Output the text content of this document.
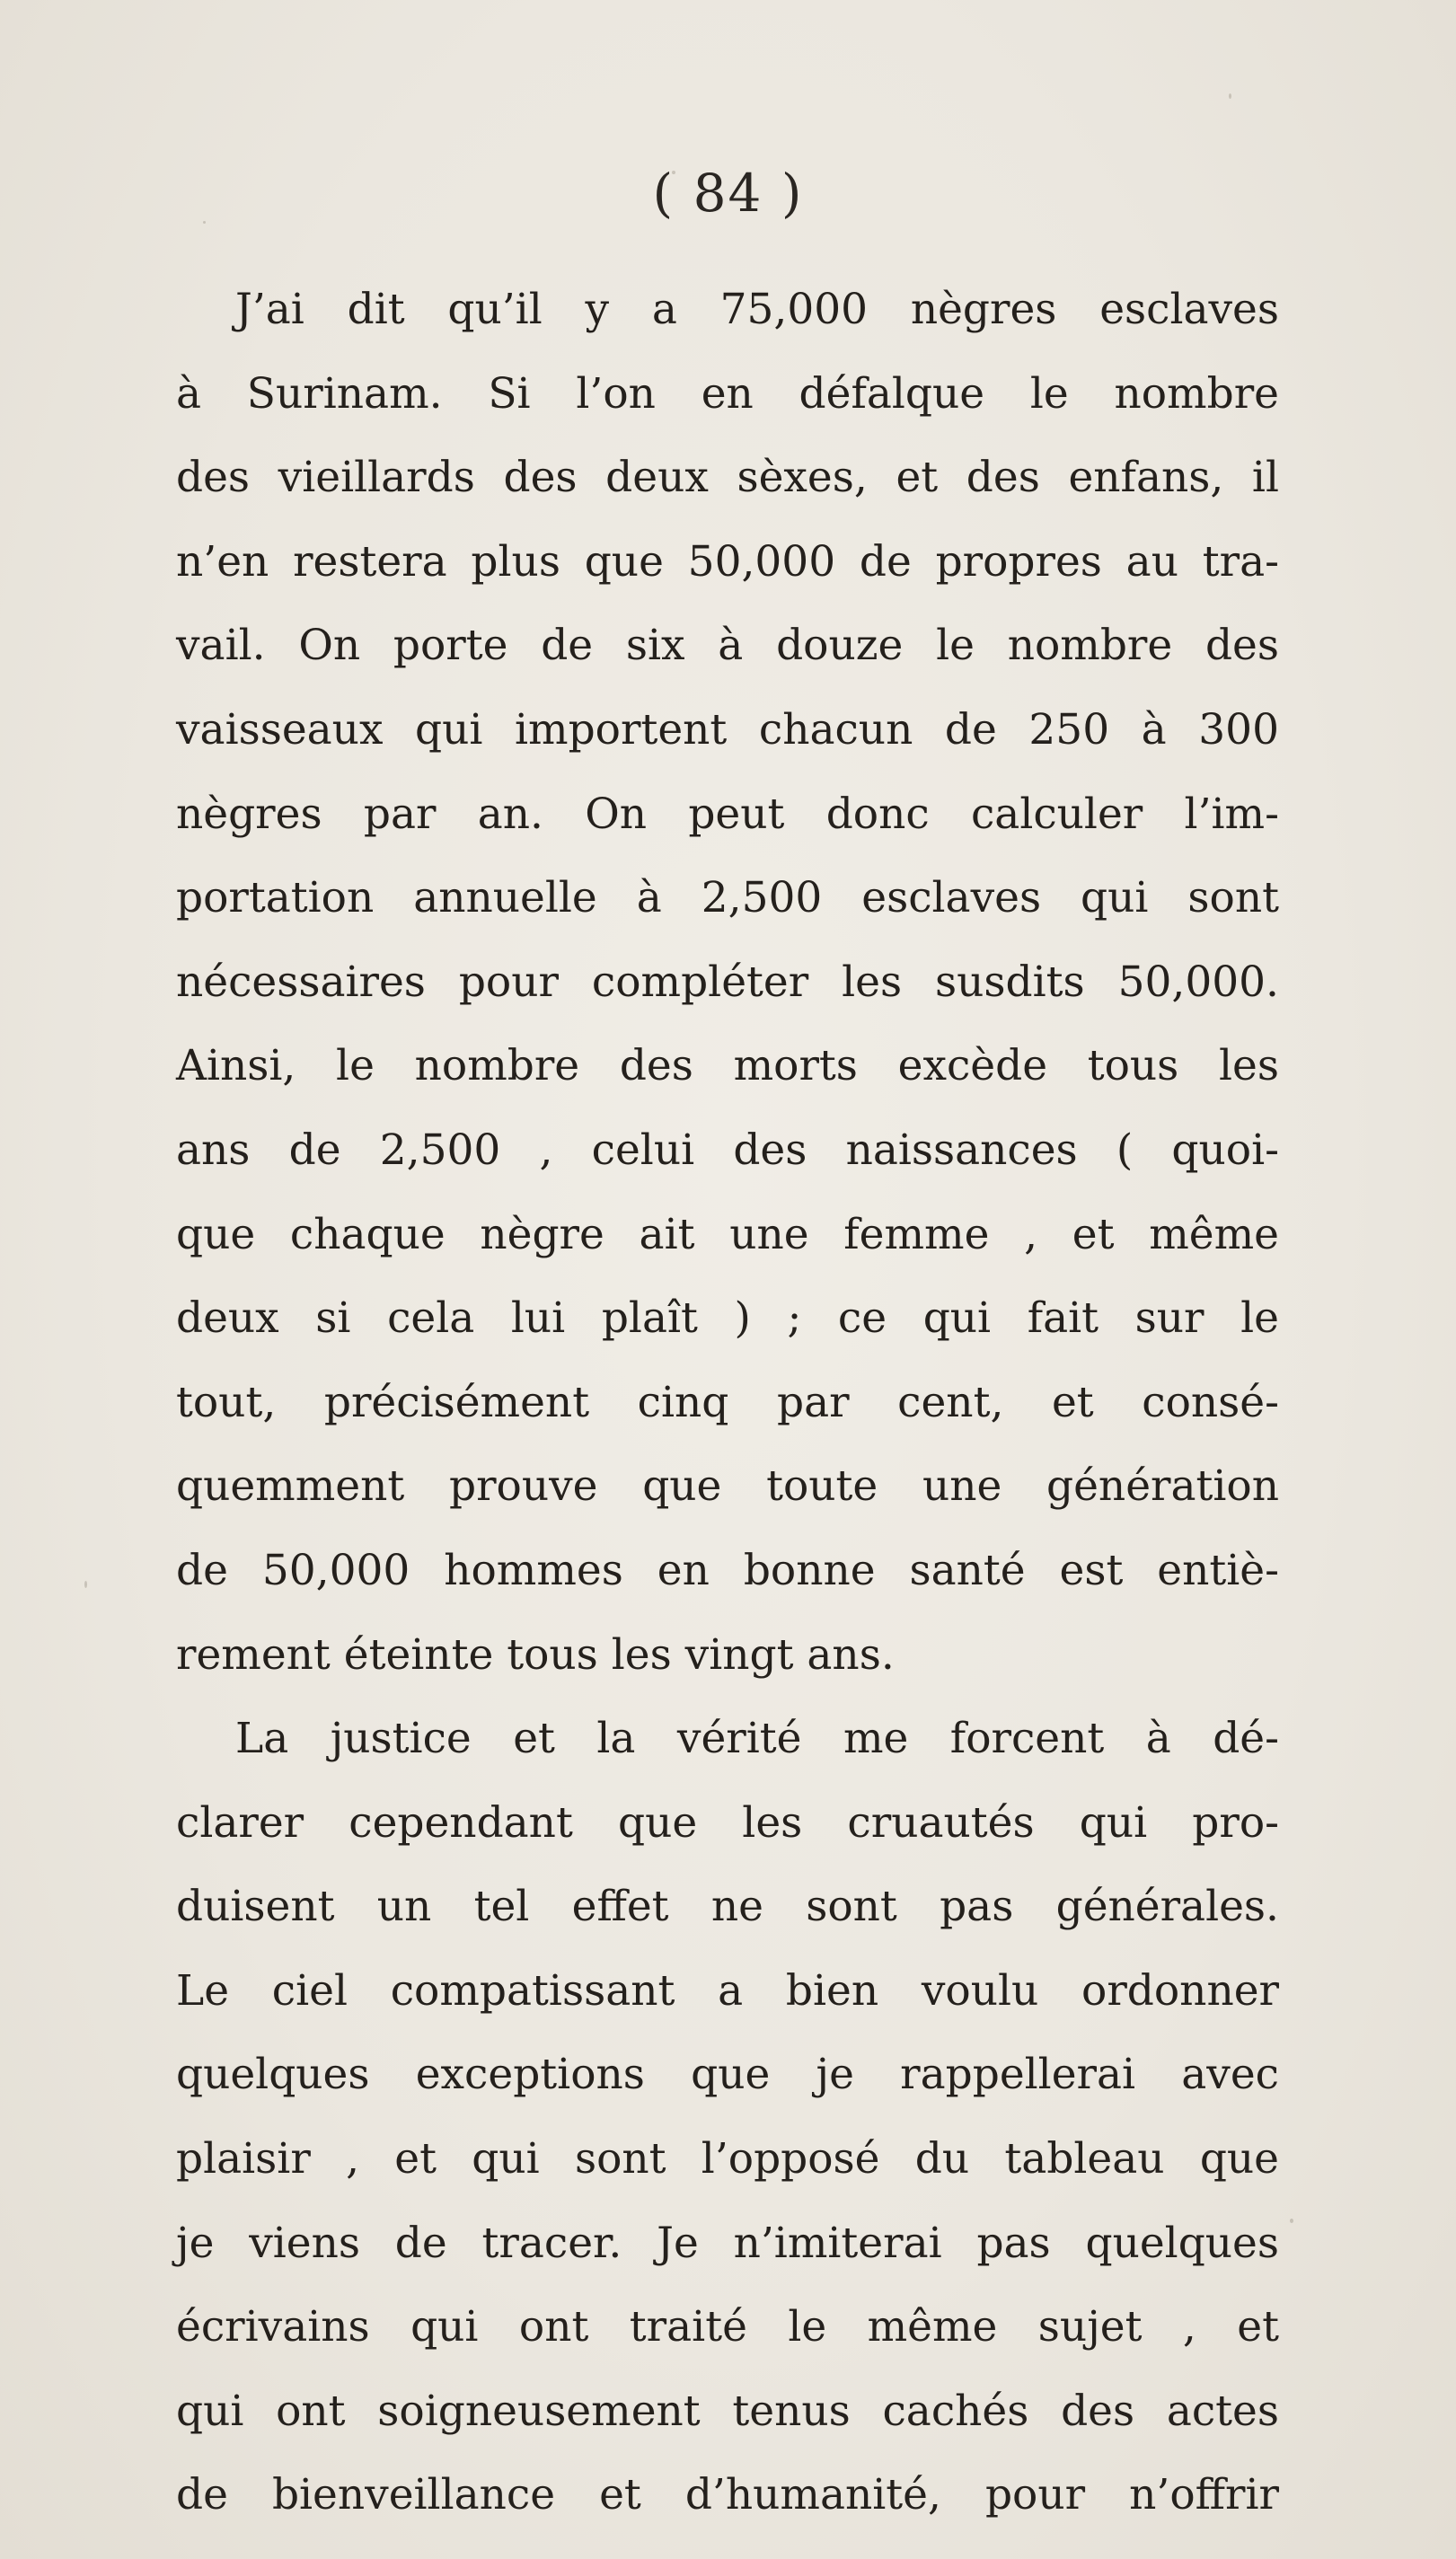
( 84 )
J’ai dit qu’il y a 75,000 nègres esclaves
à Surinam. Si l’on en défalque le nombre
des vieillards des deux sèxes, et des enfans, il
n’en restera plus que 50,000 de propres au tra-
vail. On porte de six à douze le nombre des
vaisseaux qui importent chacun de 250 à 300
nègres par an. On peut donc calculer l’im-
portation annuelle à 2,500 esclaves qui sont
nécessaires pour compléter les susdits 50,000.
Ainsi, le nombre des morts excède tous les
ans de 2,500 , celui des naissances ( quoi-
que chaque nègre ait une femme , et même
deux si cela lui plaît ) ; ce qui fait sur le
tout, précisément cinq par cent, et consé-
quemment prouve que toute une génération
de 50,000 hommes en bonne santé est entiè-
rement éteinte tous les vingt ans.
La justice et la vérité me forcent à dé-
clarer cependant que les cruautés qui pro-
duisent un tel effet ne sont pas générales.
Le ciel compatissant a bien voulu ordonner
quelques exceptions que je rappellerai avec
plaisir , et qui sont l’opposé du tableau que
je viens de tracer. Je n’imiterai pas quelques
écrivains qui ont traité le même sujet , et
qui ont soigneusement tenus cachés des actes
de bienveillance et d’humanité, pour n’offrir
